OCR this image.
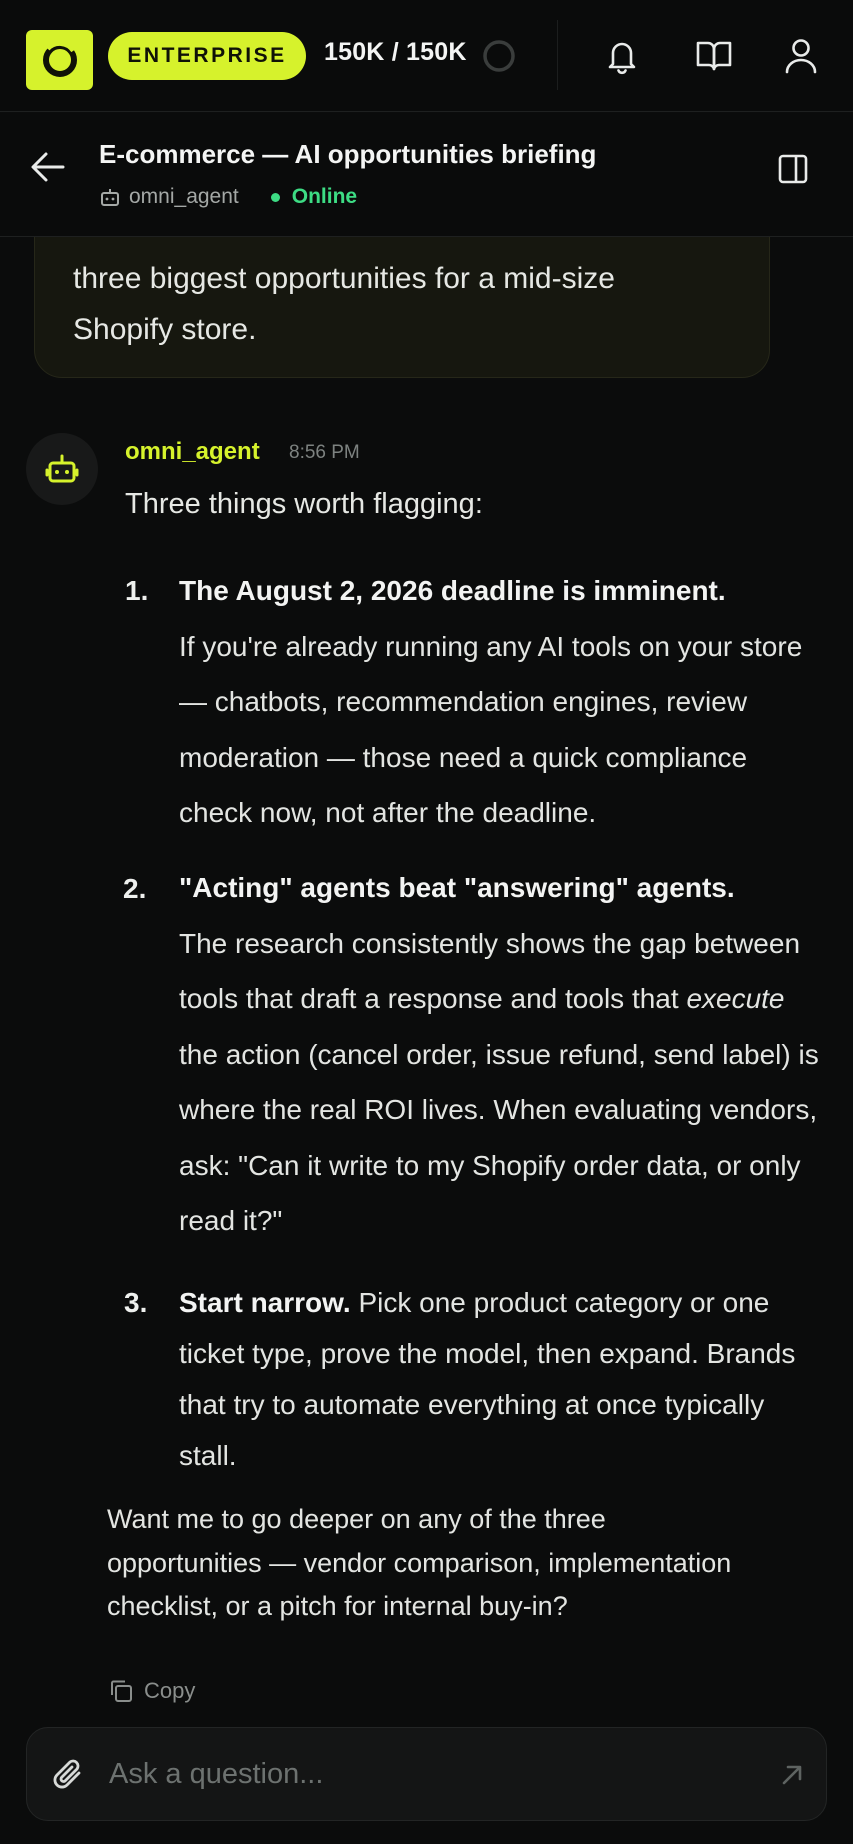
ENTERPRISE	150K / 150K
three biggest opportunities for a mid-size Shopify store.
E-commerce — AI opportunities briefing
omni_agent	Online
omni_agent 8:56 PM
Three things worth flagging:
1. The August 2, 2026 deadline is imminent.
If you're already running any AI tools on your store — chatbots, recommendation engines, review moderation — those need a quick compliance check now, not after the deadline.
2. "Acting" agents beat "answering" agents.
The research consistently shows the gap between tools that draft a response and tools that execute the action (cancel order, issue refund, send label) is where the real ROI lives. When evaluating vendors, ask: "Can it write to my Shopify order data, or only read it?"
3. Start narrow. Pick one product category or one ticket type, prove the model, then expand. Brands that try to automate everything at once typically stall.
Want me to go deeper on any of the three opportunities — vendor comparison, implementation checklist, or a pitch for internal buy-in?
Copy
Ask a question...
